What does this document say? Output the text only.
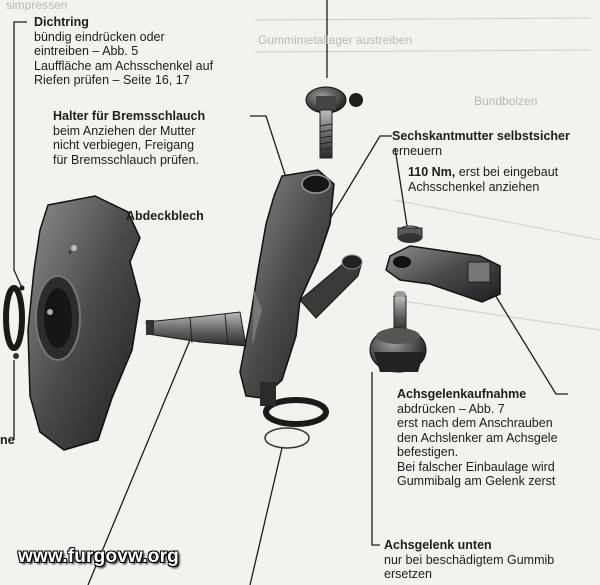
simpressen
Gummimetallager austreiben
Bundbolzen
Dichtring
bündig eindrücken oder
eintreiben – Abb. 5
Lauffläche am Achsschenkel auf
Riefen prüfen – Seite 16, 17
Halter für Bremsschlauch
beim Anziehen der Mutter
nicht verbiegen, Freigang
für Bremsschlauch prüfen.
Abdeckblech
Sechskantmutter selbstsicher
erneuern
110 Nm, erst bei eingebaut
Achsschenkel anziehen
Achsgelenkaufnahme
abdrücken – Abb. 7
erst nach dem Anschrauben
den Achslenker am Achsgele
befestigen.
Bei falscher Einbaulage wird
Gummibalg am Gelenk zerst
Achsgelenk unten
nur bei beschädigtem Gummib
ersetzen
ne
www.furgovw.org
